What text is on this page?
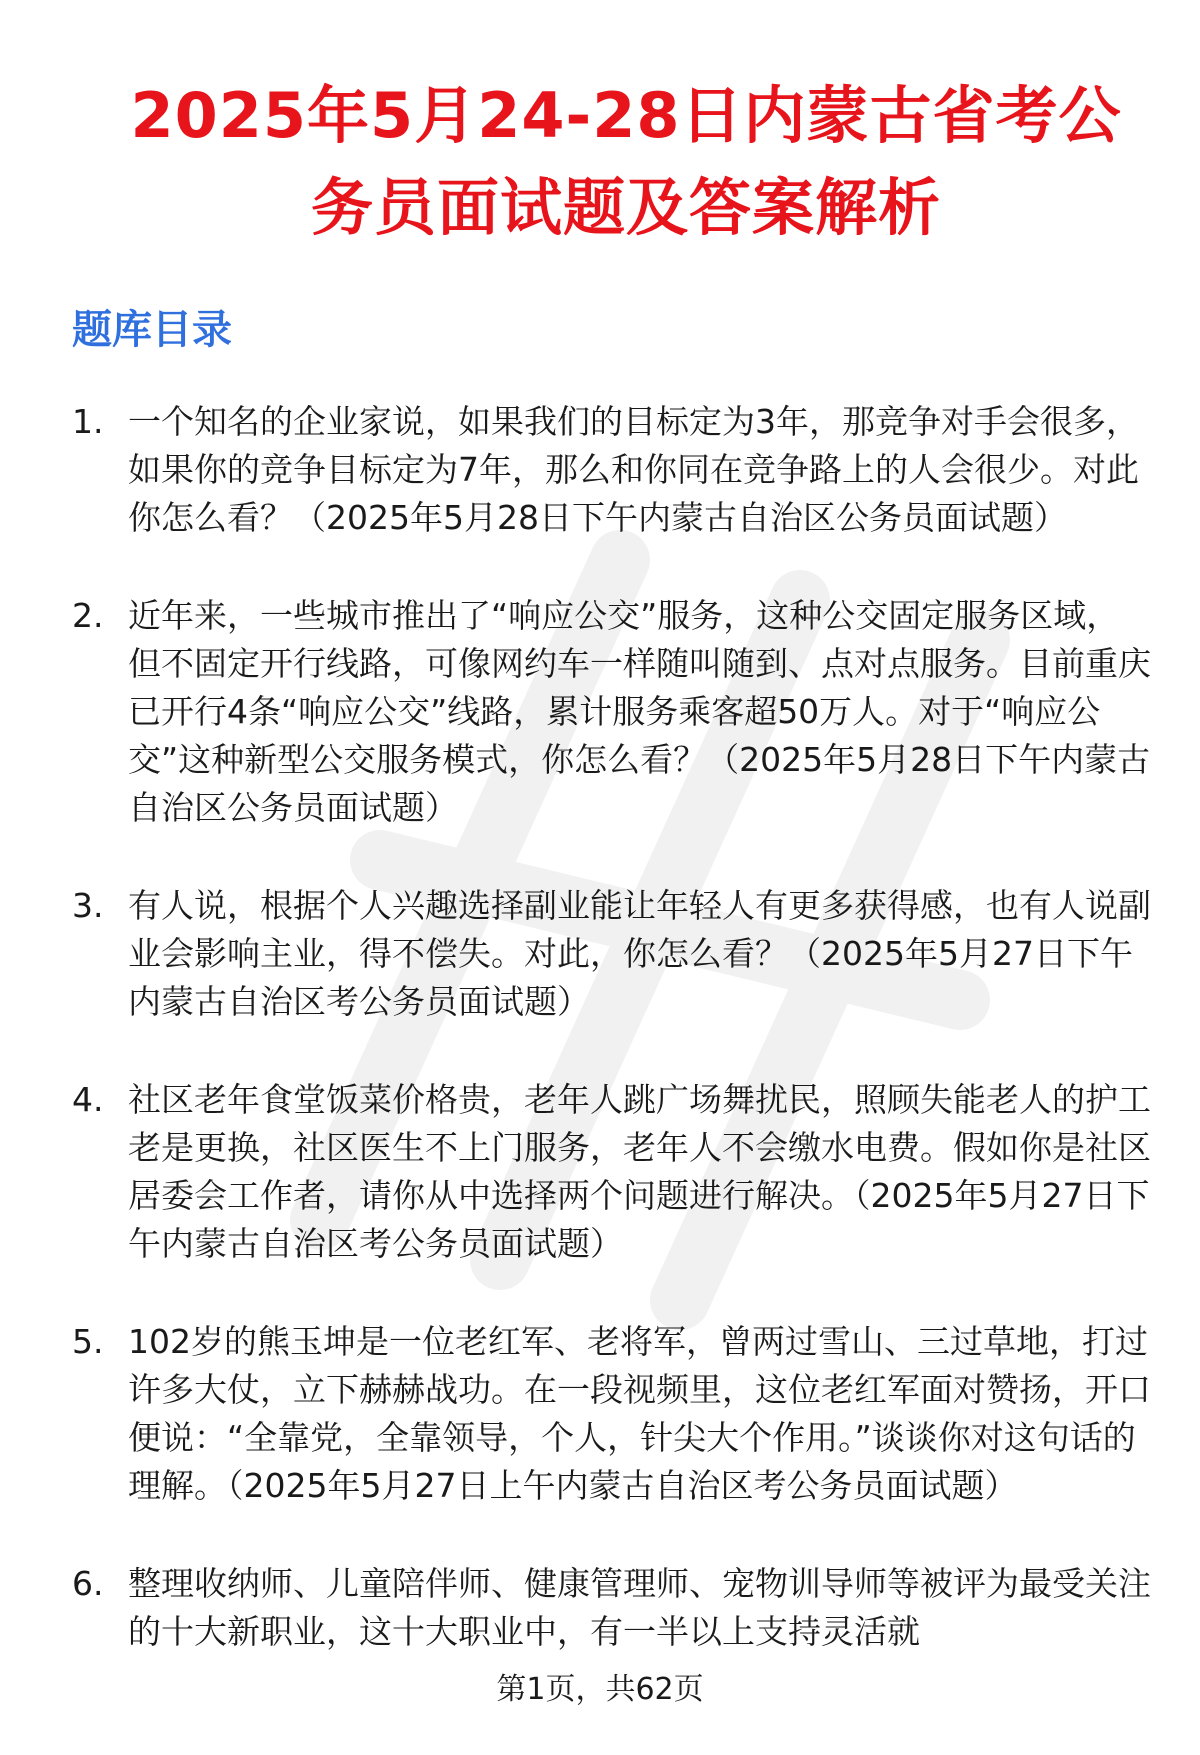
2025年5月24-28日内蒙古省考公务员面试题及答案解析
题库目录
1. 一个知名的企业家说，如果我们的目标定为3年，那竞争对手会很多，如果你的竞争目标定为7年，那么和你同在竞争路上的人会很少。对此你怎么看？（2025年5月28日下午内蒙古自治区公务员面试题）
2. 近年来，一些城市推出了“响应公交”服务，这种公交固定服务区域，但不固定开行线路，可像网约车一样随叫随到、点对点服务。目前重庆已开行4条“响应公交”线路，累计服务乘客超50万人。对于“响应公交”这种新型公交服务模式，你怎么看？（2025年5月28日下午内蒙古自治区公务员面试题）
3. 有人说，根据个人兴趣选择副业能让年轻人有更多获得感，也有人说副业会影响主业，得不偿失。对此，你怎么看？（2025年5月27日下午内蒙古自治区考公务员面试题）
4. 社区老年食堂饭菜价格贵，老年人跳广场舞扰民，照顾失能老人的护工老是更换，社区医生不上门服务，老年人不会缴水电费。假如你是社区居委会工作者，请你从中选择两个问题进行解决。（2025年5月27日下午内蒙古自治区考公务员面试题）
5. 102岁的熊玉坤是一位老红军、老将军，曾两过雪山、三过草地，打过许多大仗，立下赫赫战功。在一段视频里，这位老红军面对赞扬，开口便说：“全靠党，全靠领导，个人，针尖大个作用。”谈谈你对这句话的理解。（2025年5月27日上午内蒙古自治区考公务员面试题）
6. 整理收纳师、儿童陪伴师、健康管理师、宠物训导师等被评为最受关注的十大新职业，这十大职业中，有一半以上支持灵活就
第1页，共62页
